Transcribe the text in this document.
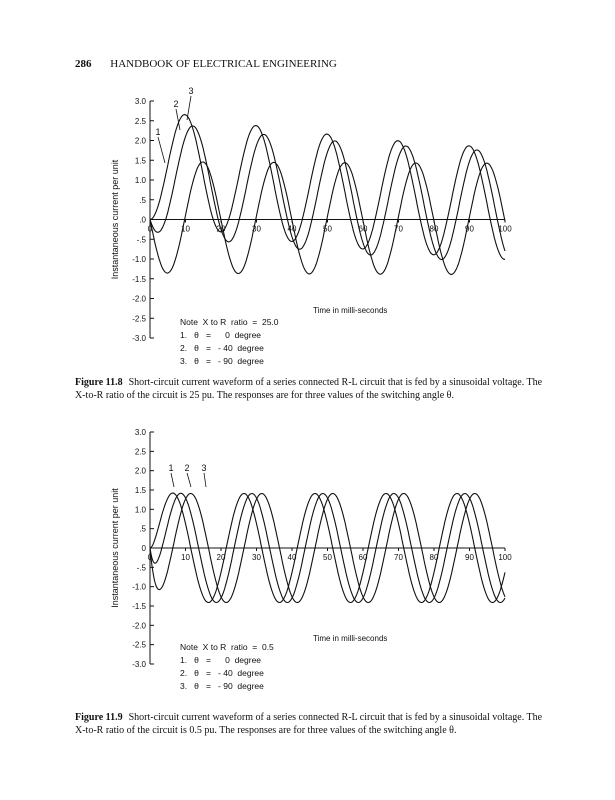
286 HANDBOOK OF ELECTRICAL ENGINEERING
3.0
2.5
2.0
1.5
1.0
.5
.0
-.5
-1.0
-1.5
-2.0
-2.5
-3.0
Instantaneous current per unit	0	10	20	30	40	50	60	70	80	90	100
Time in milli-seconds
1
2
3
Note  X to R  ratio  =  25.0
1.   θ   =      0  degree
2.   θ   =   - 40  degree
3.   θ   =   - 90  degree
Figure 11.8 Short-circuit current waveform of a series connected R-L circuit that is fed by a sinusoidal voltage. The X-to-R ratio of the circuit is 25 pu. The responses are for three values of the switching angle θ.
3.0
2.5
2.0
1.5
1.0
.5
0
-.5
-1.0
-1.5
-2.0
-2.5
-3.0
Instantaneous current per unit	0	10	20	30	40	50	60	70	80	90	100
Time in milli-seconds
1 2 3
Note  X to R  ratio  =  0.5
1.   θ   =      0  degree
2.   θ   =   - 40  degree
3.   θ   =   - 90  degree
Figure 11.9 Short-circuit current waveform of a series connected R-L circuit that is fed by a sinusoidal voltage. The X-to-R ratio of the circuit is 0.5 pu. The responses are for three values of the switching angle θ.
